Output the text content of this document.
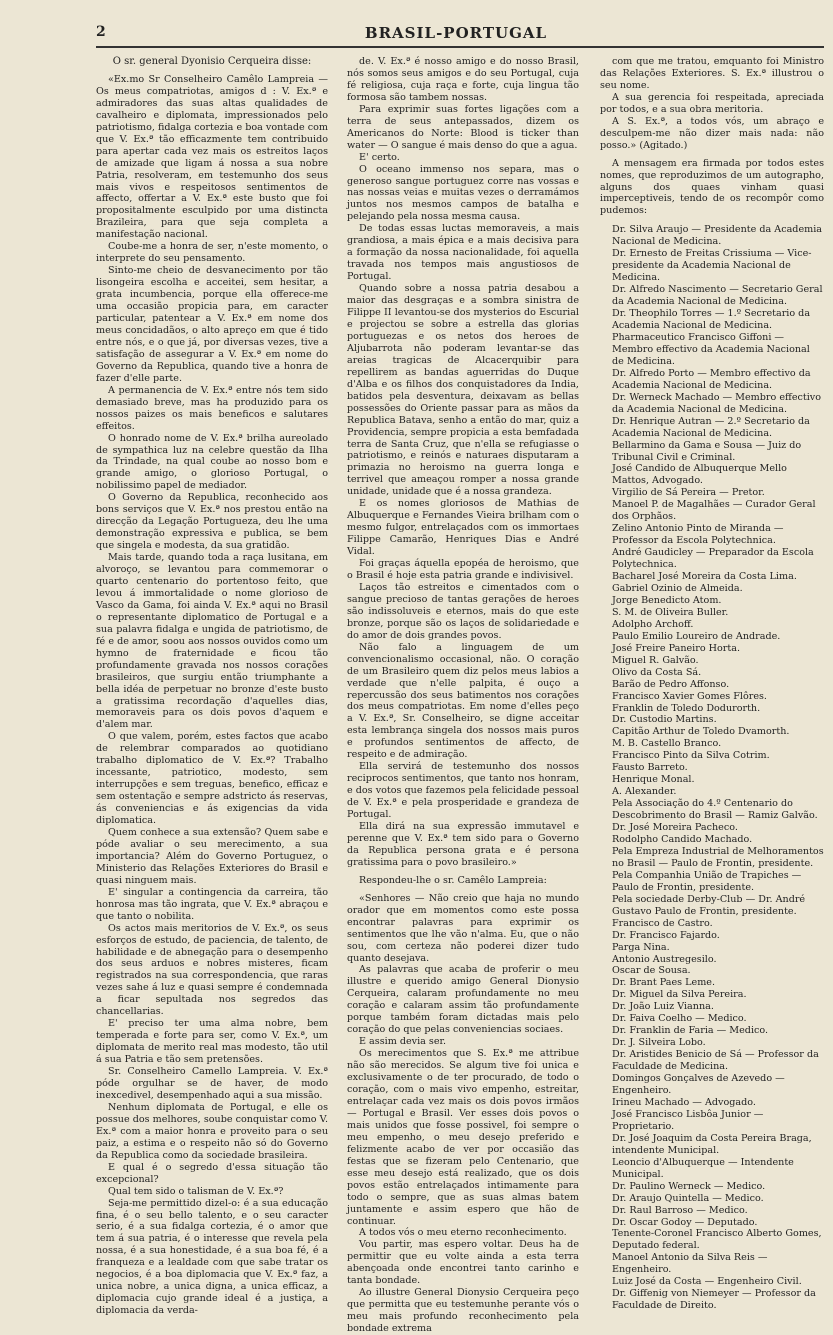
2	BRASIL-PORTUGAL

O sr. general Dyonisio Cerqueira disse:

«Ex.mo Sr Conselheiro Camêlo Lampreia — Os meus compatriotas, amigos d : V. Ex.ª e admiradores das suas altas qualidades de cavalheiro e diplomata, impressionados pelo patriotismo, fidalga cortezia e boa vontade com que V. Ex.ª tão efficazmente tem contribuido para apertar cada vez mais os estreitos laços de amizade que ligam á nossa a sua nobre Patria, resolveram, em testemunho dos seus mais vivos e respeitosos sentimentos de affecto, offertar a V. Ex.ª este busto que foi propositalmente esculpido por uma distincta Brazileira, para que seja completa a manifestação nacional.

Coube-me a honra de ser, n'este momento, o interprete do seu pensamento.

Sinto-me cheio de desvanecimento por tão lisongeira escolha e acceitei, sem hesitar, a grata incumbencia, porque ella offerece-me uma occasião propicia para, em caracter particular, patentear a V. Ex.ª em nome dos meus concidadãos, o alto apreço em que é tido entre nós, e o que já, por diversas vezes, tive a satisfação de assegurar a V. Ex.ª em nome do Governo da Republica, quando tive a honra de fazer d'elle parte.

A permanencia de V. Ex.ª entre nós tem sido demasiado breve, mas ha produzido para os nossos paizes os mais beneficos e salutares effeitos.

O honrado nome de V. Ex.ª brilha aureolado de sympathica luz na celebre questão da Ilha da Trindade, na qual coube ao nosso bom e grande amigo, o glorioso Portugal, o nobilissimo papel de mediador.

O Governo da Republica, reconhecido aos bons serviços que V. Ex.ª nos prestou então na direcção da Legação Portugueza, deu lhe uma demonstração expressiva e publica, se bem que singela e modesta, da sua gratidão.

Mais tarde, quando toda a raça lusitana, em alvoroço, se levantou para commemorar o quarto centenario do portentoso feito, que levou á immortalidade o nome glorioso de Vasco da Gama, foi ainda V. Ex.ª aqui no Brasil o representante diplomatico de Portugal e a sua palavra fidalga e ungida de patriotismo, de fé e de amor, soou aos nossos ouvidos como um hymno de fraternidade e ficou tão profundamente gravada nos nossos corações brasileiros, que surgiu então triumphante a bella idéa de perpetuar no bronze d'este busto a gratissima recordação d'aquelles dias, memoraveis para os dois povos d'aquem e d'alem mar.

O que valem, porém, estes factos que acabo de relembrar comparados ao quotidiano trabalho diplomatico de V. Ex.ª? Trabalho incessante, patriotico, modesto, sem interrupções e sem treguas, benefico, efficaz e sem ostentação e sempre adstricto ás reservas, ás conveniencias e ás exigencias da vida diplomatica.

Quem conhece a sua extensão? Quem sabe e póde avaliar o seu merecimento, a sua importancia? Além do Governo Portuguez, o Ministerio das Relações Exteriores do Brasil e quasi ninguem mais.

E' singular a contingencia da carreira, tão honrosa mas tão ingrata, que V. Ex.ª abraçou e que tanto o nobilita.

Os actos mais meritorios de V. Ex.ª, os seus esforços de estudo, de paciencia, de talento, de habilidade e de abnegação para o desempenho dos seus arduos e nobres misteres, ficam registrados na sua correspondencia, que raras vezes sahe á luz e quasi sempre é condemnada a ficar sepultada nos segredos das chancellarias.

E' preciso ter uma alma nobre, bem temperada e forte para ser, como V. Ex.ª, um diplomata de merito real mas modesto, tão util á sua Patria e tão sem pretensões.

Sr. Conselheiro Camello Lampreia. V. Ex.ª póde orgulhar se de haver, de modo inexcedivel, desempenhado aqui a sua missão.

Nenhum diplomata de Portugal, e elle os possue dos melhores, soube conquistar como V. Ex.ª com a maior honra e proveito para o seu paiz, a estima e o respeito não só do Governo da Republica como da sociedade brasileira.

E qual é o segredo d'essa situação tão excepcional?

Qual tem sido o talisman de V. Ex.ª?

Seja-me permittido dizel-o: é a sua educação fina, é o seu bello talento, e o seu caracter serio, é a sua fidalga cortezia, é o amor que tem á sua patria, é o interesse que revela pela nossa, é a sua honestidade, é a sua boa fé, é a franqueza e a lealdade com que sabe tratar os negocios, é a boa diplomacia que V. Ex.ª faz, a unica nobre, a unica digna, a unica efficaz, a diplomacia cujo grande ideal é a justiça, a diplomacia da verda-

de. V. Ex.ª é nosso amigo e do nosso Brasil, nós somos seus amigos e do seu Portugal, cuja fé religiosa, cuja raça e forte, cuja lingua tão formosa são tambem nossas.

Para exprimir suas fortes ligações com a terra de seus antepassados, dizem os Americanos do Norte: Blood is ticker than water — O sangue é mais denso do que a agua.

E' certo.

O oceano immenso nos separa, mas o generoso sangue portuguez corre nas vossas e nas nossas veias e muitas vezes o derramámos juntos nos mesmos campos de batalha e pelejando pela nossa mesma causa.

De todas essas luctas memoraveis, a mais grandiosa, a mais épica e a mais decisiva para a formação da nossa nacionalidade, foi aquella travada nos tempos mais angustiosos de Portugal.

Quando sobre a nossa patria desabou a maior das desgraças e a sombra sinistra de Filippe II levantou-se dos mysterios do Escurial e projectou se sobre a estrella das glorias portuguezas e os netos dos heroes de Aljubarrota não poderam levantar-se das areias tragicas de Alcacerquibir para repellirem as bandas aguerridas do Duque d'Alba e os filhos dos conquistadores da India, batidos pela desventura, deixavam as bellas possessões do Oriente passar para as mãos da Republica Batava, senho a então do mar, quiz a Providencia, sempre propicia a esta bemfadada terra de Santa Cruz, que n'ella se refugiasse o patriotismo, e reinós e naturaes disputaram a primazia no heroismo na guerra longa e terrivel que ameaçou romper a nossa grande unidade, unidade que é a nossa grandeza.

E os nomes gloriosos de Mathias de Albuquerque e Fernandes Vieira brilham com o mesmo fulgor, entrelaçados com os immortaes Filippe Camarão, Henriques Dias e André Vidal.

Foi graças áquella epopéa de heroismo, que o Brasil é hoje esta patria grande e indivisivel.

Laços tão estreitos e cimentados com o sangue precioso de tantas gerações de heroes são indissoluveis e eternos, mais do que este bronze, porque são os laços de solidariedade e do amor de dois grandes povos.

Não falo a linguagem de um convencionalismo occasional, não. O coração de um Brasileiro quem diz pelos meus labios a verdade que n'elle palpita, é ouço a repercussão dos seus batimentos nos corações dos meus compatriotas. Em nome d'elles peço a V. Ex.ª, Sr. Conselheiro, se digne acceitar esta lembrança singela dos nossos mais puros e profundos sentimentos de affecto, de respeito e de admiração.

Ella servirá de testemunho dos nossos reciprocos sentimentos, que tanto nos honram, e dos votos que fazemos pela felicidade pessoal de V. Ex.ª e pela prosperidade e grandeza de Portugal.

Ella dirá na sua expressão immutavel e perenne que V. Ex.ª tem sido para o Governo da Republica persona grata e é persona gratissima para o povo brasileiro.»

Respondeu-lhe o sr. Camêlo Lampreia:

«Senhores — Não creio que haja no mundo orador que em momentos como este possa encontrar palavras para exprimir os sentimentos que lhe vão n'alma. Eu, que o não sou, com certeza não poderei dizer tudo quanto desejava.

As palavras que acaba de proferir o meu illustre e querido amigo General Dionysio Cerqueira, calaram profundamente no meu coração e calaram assim tão profundamente porque também foram dictadas mais pelo coração do que pelas conveniencias sociaes.

E assim devia ser.

Os merecimentos que S. Ex.ª me attribue não são merecidos. Se algum tive foi unica e exclusivamente o de ter procurado, de todo o coração, com o mais vivo empenho, estreitar, entrelaçar cada vez mais os dois povos irmãos — Portugal e Brasil. Ver esses dois povos o mais unidos que fosse possivel, foi sempre o meu empenho, o meu desejo preferido e felizmente acabo de ver por occasião das festas que se fizeram pelo Centenario, que esse meu desejo está realizado, que os dois povos estão entrelaçados intimamente para todo o sempre, que as suas almas batem juntamente e assim espero que hão de continuar.

A todos vós o meu eterno reconhecimento.

Vou partir, mas espero voltar. Deus ha de permittir que eu volte ainda a esta terra abençoada onde encontrei tanto carinho e tanta bondade.

Ao illustre General Dionysio Cerqueira peço que permitta que eu testemunhe perante vós o meu mais profundo reconhecimento pela bondade extrema

com que me tratou, emquanto foi Ministro das Relações Exteriores. S. Ex.ª illustrou o seu nome.

A sua gerencia foi respeitada, apreciada por todos, e a sua obra meritoria.

A S. Ex.ª, a todos vós, um abraço e desculpem-me não dizer mais nada: não posso.» (Agitado.)

A mensagem era firmada por todos estes nomes, que reproduzimos de um autographo, alguns dos quaes vinham quasi imperceptiveis, tendo de os recompôr como pudemos:

Dr. Silva Araujo — Presidente da Academia Nacional de Medicina.

Dr. Ernesto de Freitas Crissiuma — Vice-presidente da Academia Nacional de Medicina.

Dr. Alfredo Nascimento — Secretario Geral da Academia Nacional de Medicina.

Dr. Theophilo Torres — 1.º Secretario da Academia Nacional de Medicina.

Pharmaceutico Francisco Giffoni — Membro effectivo da Academia Nacional de Medicina.

Dr. Alfredo Porto — Membro effectivo da Academia Nacional de Medicina.

Dr. Werneck Machado — Membro effectivo da Academia Nacional de Medicina.

Dr. Henrique Autran — 2.º Secretario da Academia Nacional de Medicina.

Bellarmino da Gama e Sousa — Juiz do Tribunal Civil e Criminal.

José Candido de Albuquerque Mello Mattos, Advogado.

Virgilio de Sá Pereira — Pretor.

Manoel P. de Magalhães — Curador Geral dos Orphãos.

Zelino Antonio Pinto de Miranda — Professor da Escola Polytechnica.

André Gaudicley — Preparador da Escola Polytechnica.

Bacharel José Moreira da Costa Lima.

Gabriel Ozinio de Almeida.

Jorge Benedicto Atom.

S. M. de Oliveira Buller.

Adolpho Archoff.

Paulo Emilio Loureiro de Andrade.

José Freire Paneiro Horta.

Miguel R. Galvão.

Olivo da Costa Sá.

Barão de Pedro Affonso.

Francisco Xavier Gomes Flôres.

Franklin de Toledo Dodurorth.

Dr. Custodio Martins.

Capitão Arthur de Toledo Dvamorth.

M. B. Castello Branco.

Francisco Pinto da Silva Cotrim.

Fausto Barreto.

Henrique Monal.

A. Alexander.

Pela Associação do 4.º Centenario do Descobrimento do Brasil — Ramiz Galvão.

Dr. José Moreira Pacheco.

Rodolpho Candido Machado.

Pela Empreza Industrial de Melhoramentos no Brasil — Paulo de Frontin, presidente.

Pela Companhia União de Trapiches — Paulo de Frontin, presidente.

Pela sociedade Derby-Club — Dr. André Gustavo Paulo de Frontin, presidente.

Francisco de Castro.

Dr. Francisco Fajardo.

Parga Nina.

Antonio Austregesilo.

Oscar de Sousa.

Dr. Brant Paes Leme.

Dr. Miguel da Silva Pereira.

Dr. João Luiz Vianna.

Dr. Faiva Coelho — Medico.

Dr. Franklin de Faria — Medico.

Dr. J. Silveira Lobo.

Dr. Aristides Benicio de Sá — Professor da Faculdade de Medicina.

Domingos Gonçalves de Azevedo — Engenheiro.

Irineu Machado — Advogado.

José Francisco Lisbôa Junior — Proprietario.

Dr. José Joaquim da Costa Pereira Braga, intendente Municipal.

Leoncio d'Albuquerque — Intendente Municipal.

Dr. Paulino Werneck — Medico.

Dr. Araujo Quintella — Medico.

Dr. Raul Barroso — Medico.

Dr. Oscar Godoy — Deputado.

Tenente-Coronel Francisco Alberto Gomes, Deputado federal.

Manoel Antonio da Silva Reis — Engenheiro.

Luiz José da Costa — Engenheiro Civil.

Dr. Giffenig von Niemeyer — Professor da Faculdade de Direito.
